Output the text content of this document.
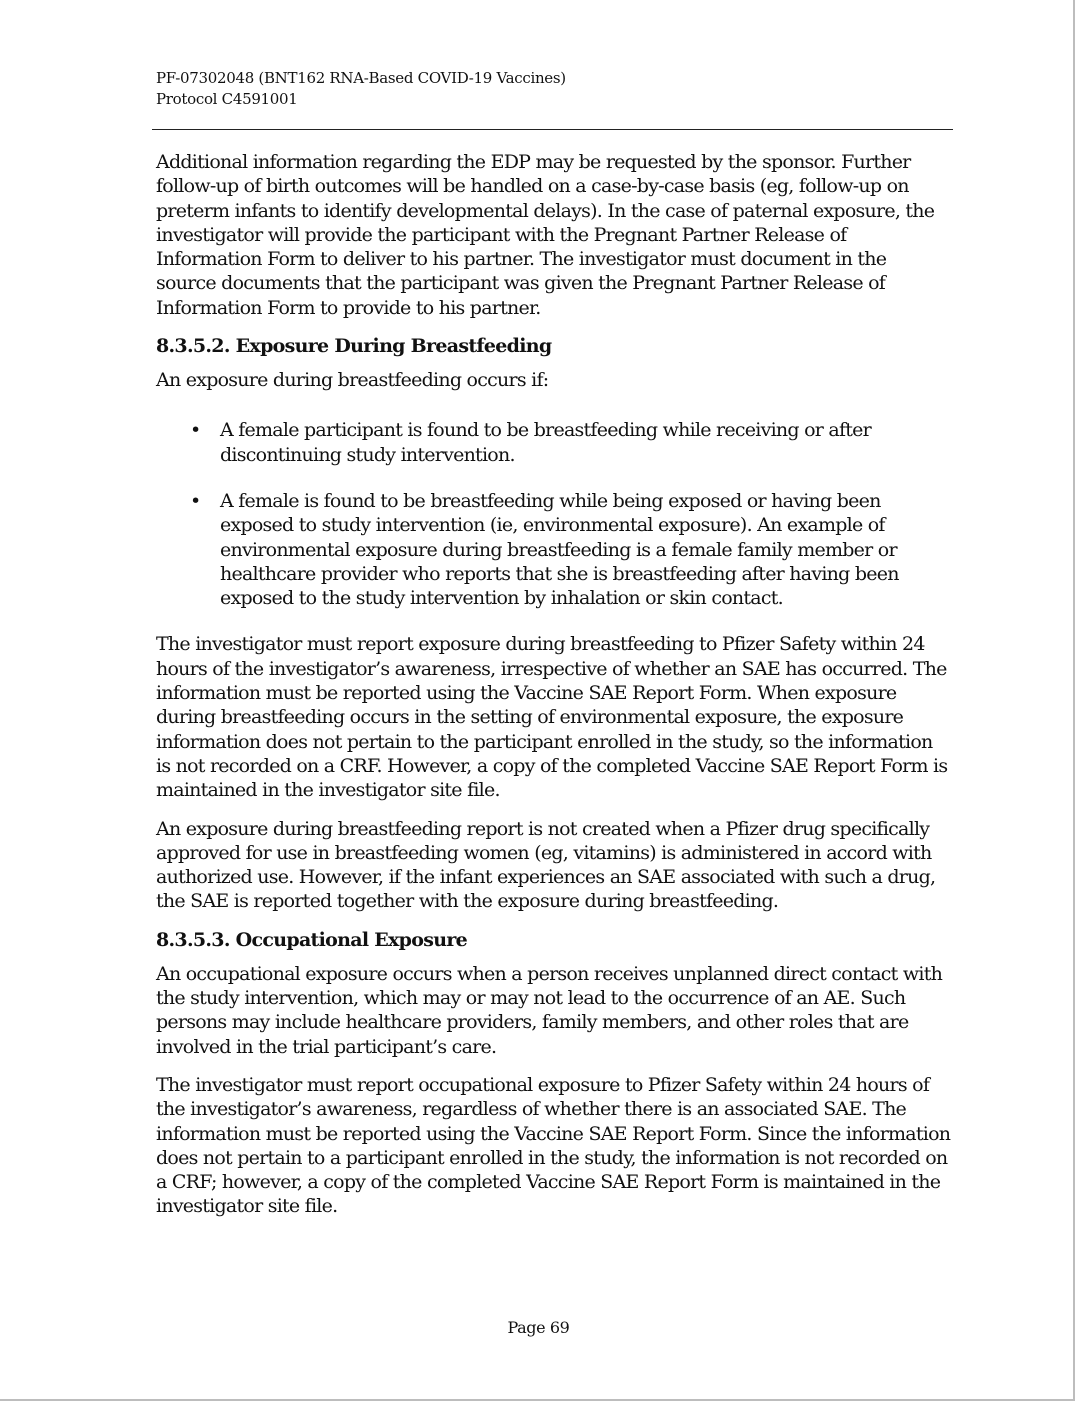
PF-07302048 (BNT162 RNA-Based COVID-19 Vaccines)
Protocol C4591001

Additional information regarding the EDP may be requested by the sponsor. Further follow-up of birth outcomes will be handled on a case-by-case basis (eg, follow-up on preterm infants to identify developmental delays). In the case of paternal exposure, the investigator will provide the participant with the Pregnant Partner Release of Information Form to deliver to his partner. The investigator must document in the source documents that the participant was given the Pregnant Partner Release of Information Form to provide to his partner.

8.3.5.2. Exposure During Breastfeeding

An exposure during breastfeeding occurs if:

• A female participant is found to be breastfeeding while receiving or after discontinuing study intervention.
• A female is found to be breastfeeding while being exposed or having been exposed to study intervention (ie, environmental exposure). An example of environmental exposure during breastfeeding is a female family member or healthcare provider who reports that she is breastfeeding after having been exposed to the study intervention by inhalation or skin contact.

The investigator must report exposure during breastfeeding to Pfizer Safety within 24 hours of the investigator’s awareness, irrespective of whether an SAE has occurred. The information must be reported using the Vaccine SAE Report Form. When exposure during breastfeeding occurs in the setting of environmental exposure, the exposure information does not pertain to the participant enrolled in the study, so the information is not recorded on a CRF. However, a copy of the completed Vaccine SAE Report Form is maintained in the investigator site file.

An exposure during breastfeeding report is not created when a Pfizer drug specifically approved for use in breastfeeding women (eg, vitamins) is administered in accord with authorized use. However, if the infant experiences an SAE associated with such a drug, the SAE is reported together with the exposure during breastfeeding.

8.3.5.3. Occupational Exposure

An occupational exposure occurs when a person receives unplanned direct contact with the study intervention, which may or may not lead to the occurrence of an AE. Such persons may include healthcare providers, family members, and other roles that are involved in the trial participant’s care.

The investigator must report occupational exposure to Pfizer Safety within 24 hours of the investigator’s awareness, regardless of whether there is an associated SAE. The information must be reported using the Vaccine SAE Report Form. Since the information does not pertain to a participant enrolled in the study, the information is not recorded on a CRF; however, a copy of the completed Vaccine SAE Report Form is maintained in the investigator site file.

Page 69
